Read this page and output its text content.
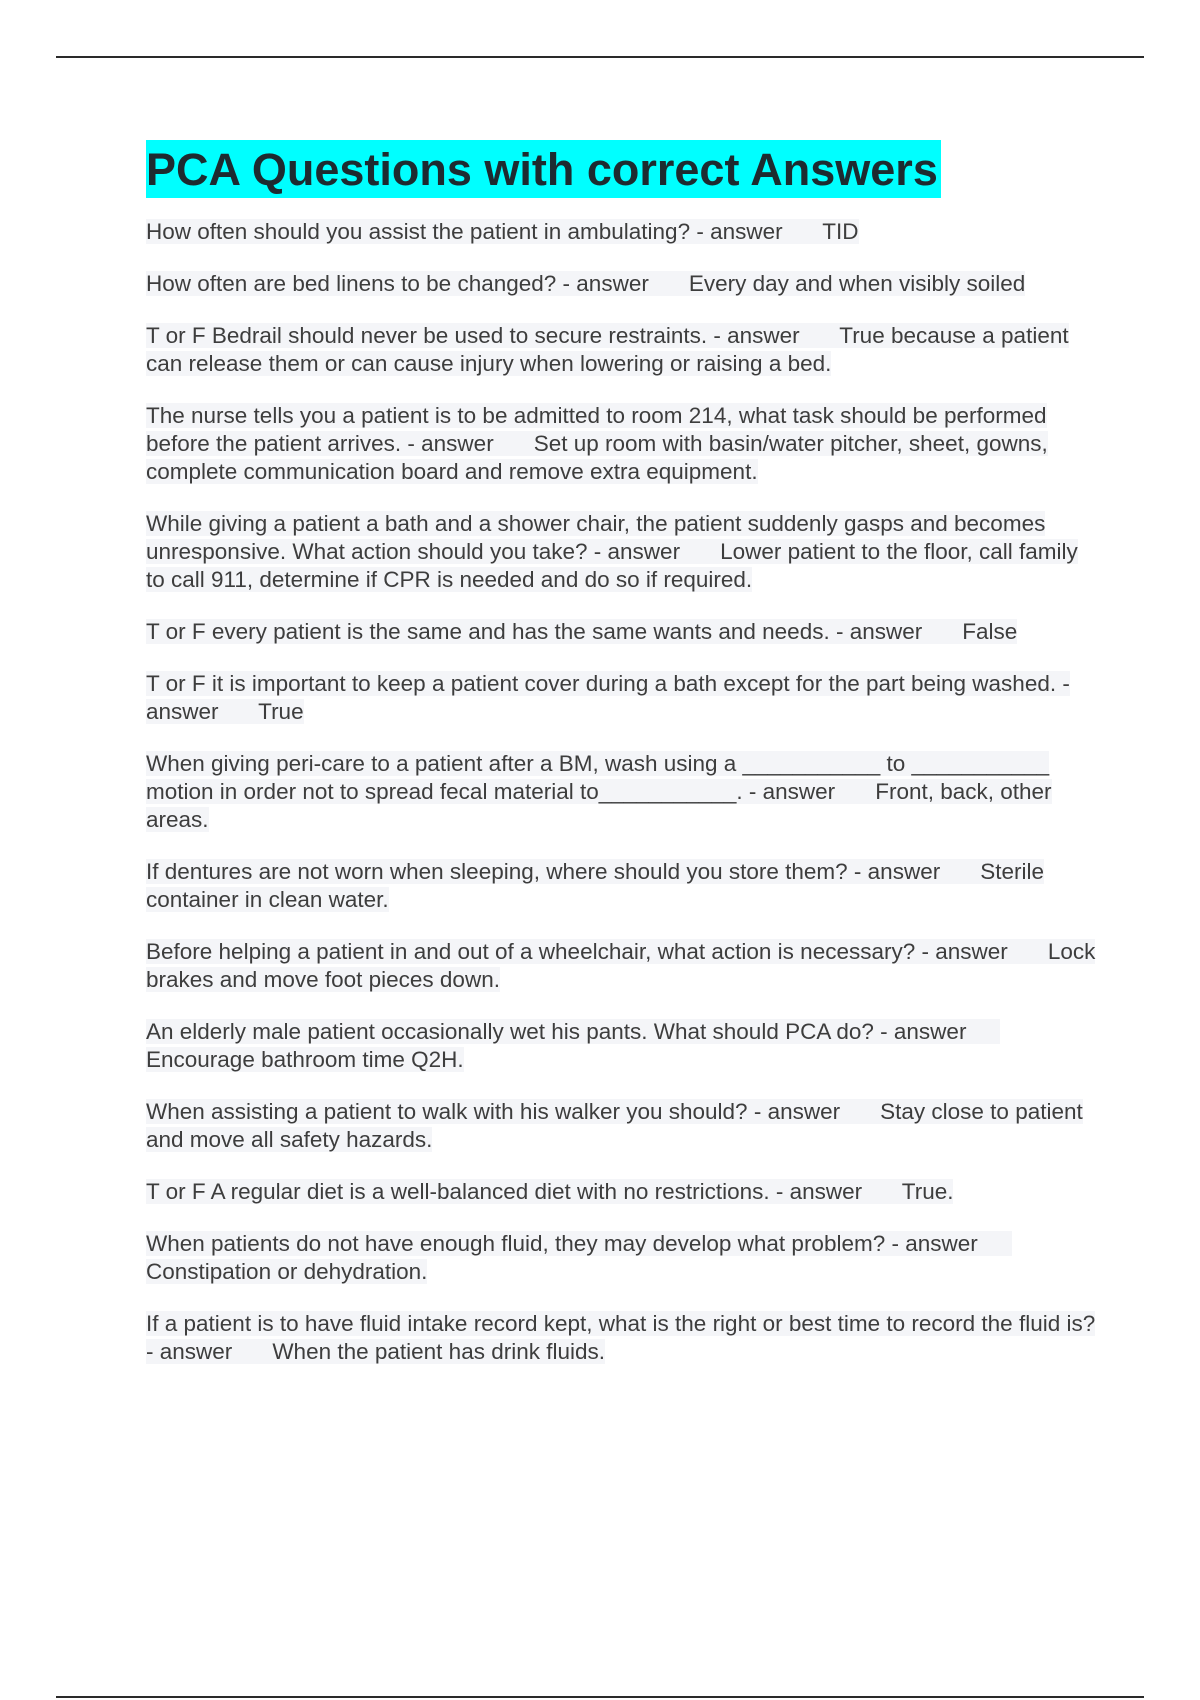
PCA Questions with correct Answers

How often should you assist the patient in ambulating? - answer    TID

How often are bed linens to be changed? - answer    Every day and when visibly soiled

T or F Bedrail should never be used to secure restraints. - answer    True because a patient can release them or can cause injury when lowering or raising a bed.

The nurse tells you a patient is to be admitted to room 214, what task should be performed before the patient arrives. - answer    Set up room with basin/water pitcher, sheet, gowns, complete communication board and remove extra equipment.

While giving a patient a bath and a shower chair, the patient suddenly gasps and becomes unresponsive. What action should you take? - answer    Lower patient to the floor, call family to call 911, determine if CPR is needed and do so if required.

T or F every patient is the same and has the same wants and needs. - answer    False

T or F it is important to keep a patient cover during a bath except for the part being washed. - answer    True

When giving peri-care to a patient after a BM, wash using a ___________ to ___________ motion in order not to spread fecal material to___________. - answer    Front, back, other areas.

If dentures are not worn when sleeping, where should you store them? - answer    Sterile container in clean water.

Before helping a patient in and out of a wheelchair, what action is necessary? - answer    Lock brakes and move foot pieces down.

An elderly male patient occasionally wet his pants. What should PCA do? - answer    Encourage bathroom time Q2H.

When assisting a patient to walk with his walker you should? - answer    Stay close to patient and move all safety hazards.

T or F A regular diet is a well-balanced diet with no restrictions. - answer    True.

When patients do not have enough fluid, they may develop what problem? - answer    Constipation or dehydration.

If a patient is to have fluid intake record kept, what is the right or best time to record the fluid is? - answer    When the patient has drink fluids.
